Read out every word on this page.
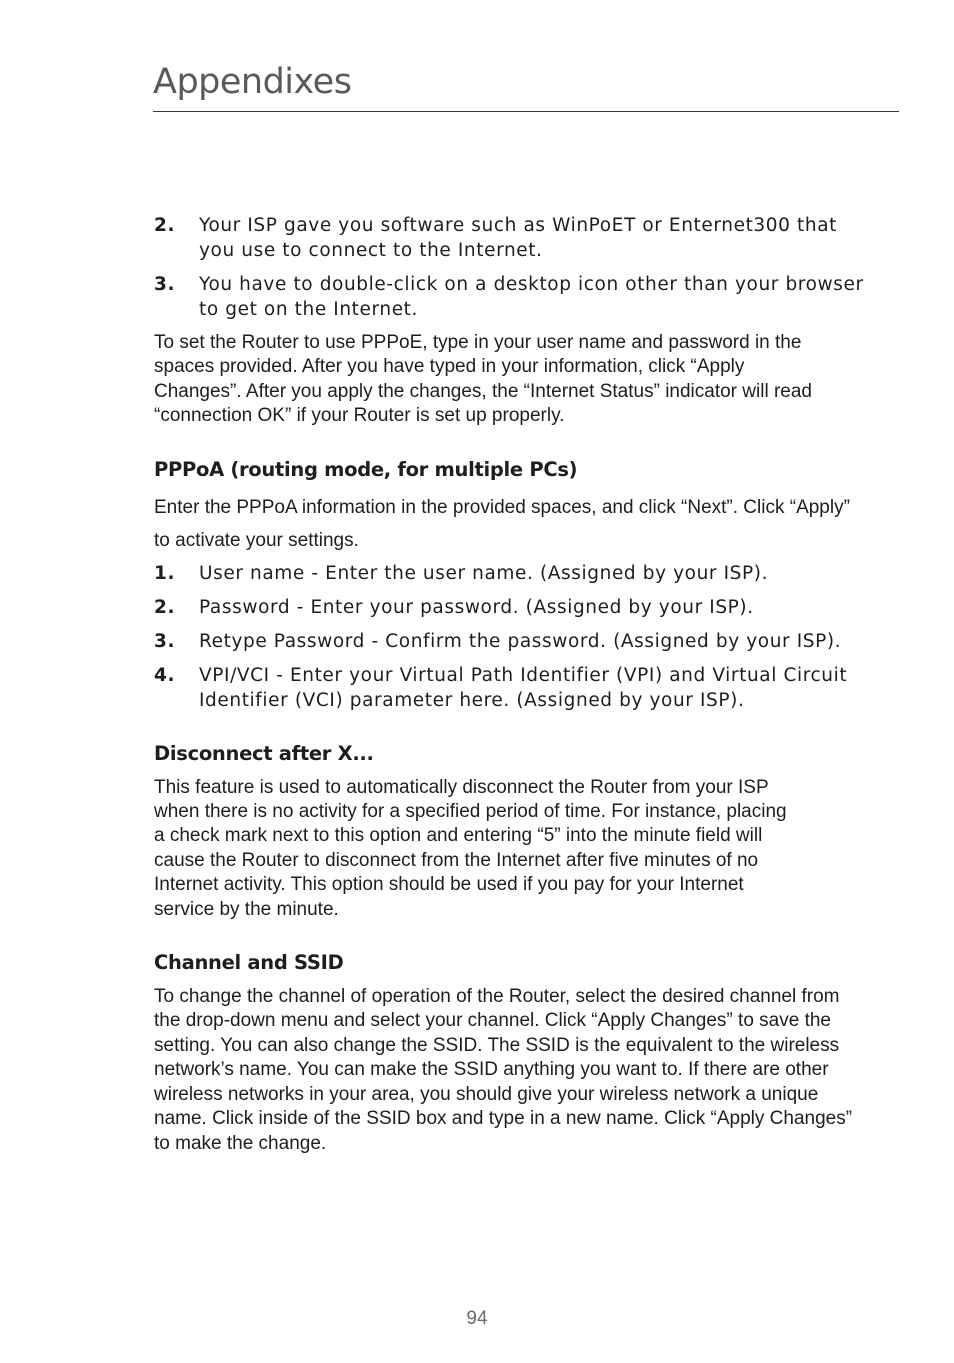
Appendixes
2.	Your ISP gave you software such as WinPoET or Enternet300 that you use to connect to the Internet.
3.	You have to double-click on a desktop icon other than your browser to get on the Internet.

To set the Router to use PPPoE, type in your user name and password in the spaces provided. After you have typed in your information, click “Apply Changes”. After you apply the changes, the “Internet Status” indicator will read “connection OK” if your Router is set up properly.

PPPoA (routing mode, for multiple PCs)

Enter the PPPoA information in the provided spaces, and click “Next”. Click “Apply” to activate your settings.

1.	User name - Enter the user name. (Assigned by your ISP).
2.	Password - Enter your password. (Assigned by your ISP).
3.	Retype Password - Confirm the password. (Assigned by your ISP).
4.	VPI/VCI - Enter your Virtual Path Identifier (VPI) and Virtual Circuit Identifier (VCI) parameter here. (Assigned by your ISP).
Disconnect after X...

This feature is used to automatically disconnect the Router from your ISP when there is no activity for a specified period of time. For instance, placing a check mark next to this option and entering “5” into the minute field will cause the Router to disconnect from the Internet after five minutes of no Internet activity. This option should be used if you pay for your Internet service by the minute.

Channel and SSID

To change the channel of operation of the Router, select the desired channel from the drop-down menu and select your channel. Click “Apply Changes” to save the setting. You can also change the SSID. The SSID is the equivalent to the wireless network’s name. You can make the SSID anything you want to. If there are other wireless networks in your area, you should give your wireless network a unique name. Click inside of the SSID box and type in a new name. Click “Apply Changes” to make the change.

94
